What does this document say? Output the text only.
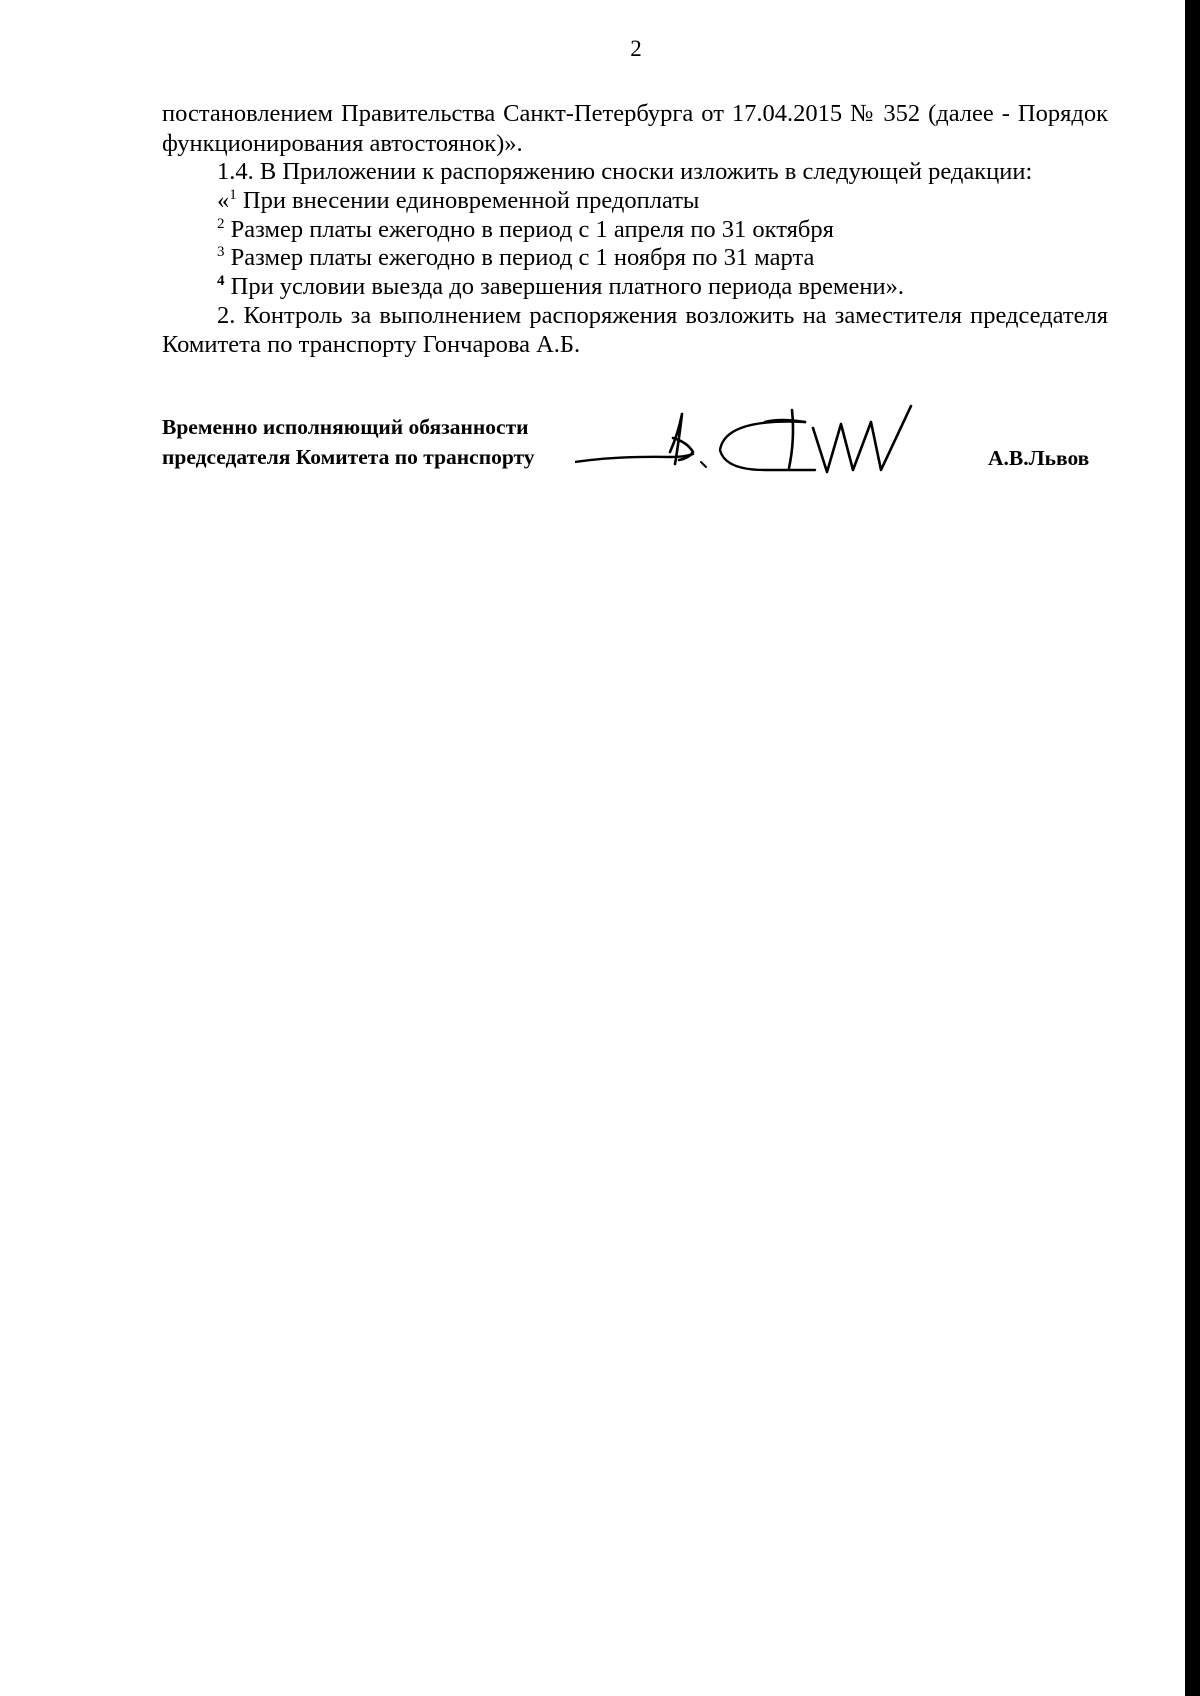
2
постановлением Правительства Санкт-Петербурга от 17.04.2015 № 352 (далее - Порядок
функционирования автостоянок)».
1.4. В Приложении к распоряжению сноски изложить в следующей редакции:
«$^1$ При внесении единовременной предоплаты
$^2$ Размер платы ежегодно в период с 1 апреля по 31 октября
$^3$ Размер платы ежегодно в период с 1 ноября по 31 марта
$^4$ При условии выезда до завершения платного периода времени».
2. Контроль за выполнением распоряжения возложить на заместителя председателя
Комитета по транспорту Гончарова А.Б.
Временно исполняющий обязанности
председателя Комитета по транспорту	А.В.Львов
